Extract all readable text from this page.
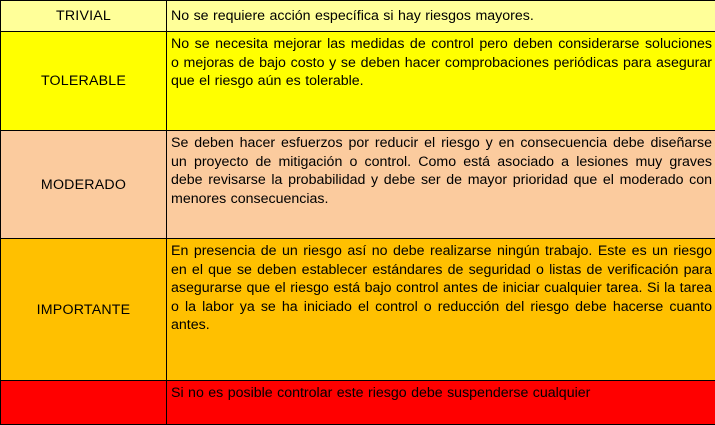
TRIVIAL	No se requiere acción específica si hay riesgos mayores.

TOLERABLE	No se necesita mejorar las medidas de control pero deben considerarse soluciones o mejoras de bajo costo y se deben hacer comprobaciones periódicas para asegurar que el riesgo aún es tolerable.

MODERADO	Se deben hacer esfuerzos por reducir el riesgo y en consecuencia debe diseñarse un proyecto de mitigación o control. Como está asociado a lesiones muy graves debe revisarse la probabilidad y debe ser de mayor prioridad que el moderado con menores consecuencias.

IMPORTANTE	En presencia de un riesgo así no debe realizarse ningún trabajo. Este es un riesgo en el que se deben establecer estándares de seguridad o listas de verificación para asegurarse que el riesgo está bajo control antes de iniciar cualquier tarea. Si la tarea o la labor ya se ha iniciado el control o reducción del riesgo debe hacerse cuanto antes.

	Si no es posible controlar este riesgo debe suspenderse cualquier
